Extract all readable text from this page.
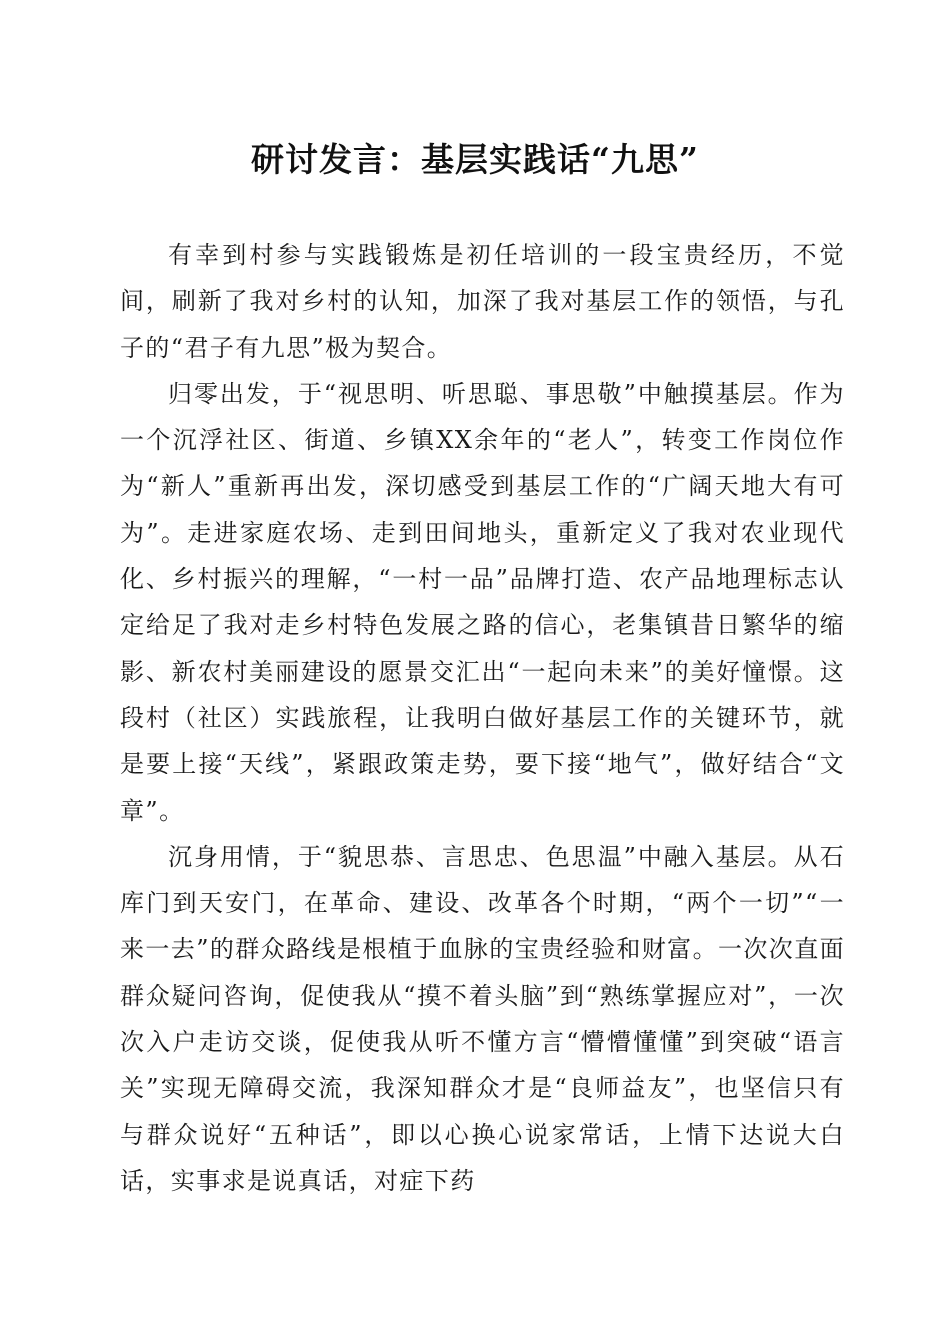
研讨发言：基层实践话“九思”

有幸到村参与实践锻炼是初任培训的一段宝贵经历，不觉间，刷新了我对乡村的认知，加深了我对基层工作的领悟，与孔子的“君子有九思”极为契合。

归零出发，于“视思明、听思聪、事思敬”中触摸基层。作为一个沉浮社区、街道、乡镇XX余年的“老人”，转变工作岗位作为“新人”重新再出发，深切感受到基层工作的“广阔天地大有可为”。走进家庭农场、走到田间地头，重新定义了我对农业现代化、乡村振兴的理解，“一村一品”品牌打造、农产品地理标志认定给足了我对走乡村特色发展之路的信心，老集镇昔日繁华的缩影、新农村美丽建设的愿景交汇出“一起向未来”的美好憧憬。这段村（社区）实践旅程，让我明白做好基层工作的关键环节，就是要上接“天线”，紧跟政策走势，要下接“地气”，做好结合“文章”。

沉身用情，于“貌思恭、言思忠、色思温”中融入基层。从石库门到天安门，在革命、建设、改革各个时期，“两个一切”“一来一去”的群众路线是根植于血脉的宝贵经验和财富。一次次直面群众疑问咨询，促使我从“摸不着头脑”到“熟练掌握应对”，一次次入户走访交谈，促使我从听不懂方言“懵懵懂懂”到突破“语言关”实现无障碍交流，我深知群众才是“良师益友”，也坚信只有与群众说好“五种话”，即以心换心说家常话，上情下达说大白话，实事求是说真话，对症下药
